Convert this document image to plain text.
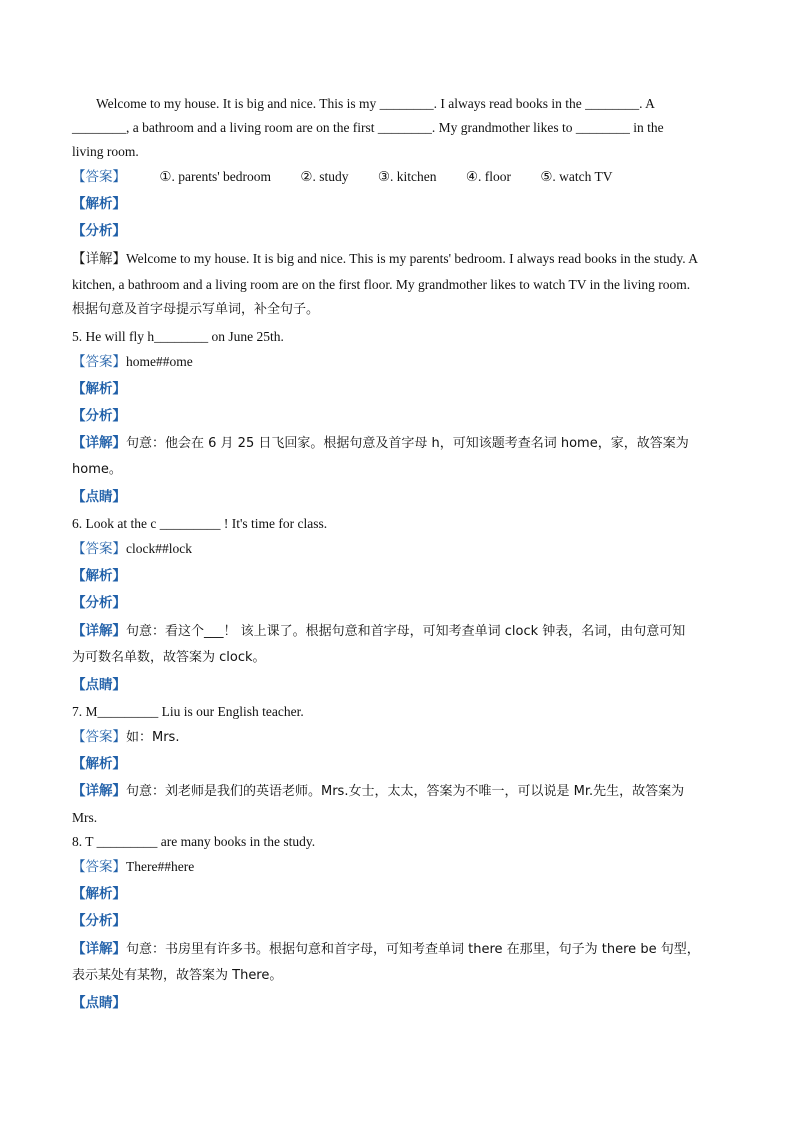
Welcome to my house. It is big and nice. This is my ________. I always read books in the ________. A
________, a bathroom and a living room are on the first ________. My grandmother likes to ________ in the
living room.
【答案】 ①. parents' bedroom ②. study ③. kitchen ④. floor ⑤. watch TV
【解析】
【分析】
【详解】Welcome to my house. It is big and nice. This is my parents' bedroom. I always read books in the study. A
kitchen, a bathroom and a living room are on the first floor. My grandmother likes to watch TV in the living room.
根据句意及首字母提示写单词，补全句子。
5. He will fly h________ on June 25th.
【答案】home##ome
【解析】
【分析】
【详解】句意：他会在 6 月 25 日飞回家。根据句意及首字母 h，可知该题考查名词 home，家，故答案为
home。
【点睛】
6. Look at the c _________ ! It's time for class.
【答案】clock##lock
【解析】
【分析】
【详解】句意：看这个___！ 该上课了。根据句意和首字母，可知考查单词 clock 钟表，名词，由句意可知
为可数名单数，故答案为 clock。
【点睛】
7. M_________ Liu is our English teacher.
【答案】如：Mrs.
【解析】
【详解】句意：刘老师是我们的英语老师。Mrs.女士，太太，答案为不唯一，可以说是 Mr.先生，故答案为
Mrs.
8. T _________ are many books in the study.
【答案】There##here
【解析】
【分析】
【详解】句意：书房里有许多书。根据句意和首字母，可知考查单词 there 在那里，句子为 there be 句型，
表示某处有某物，故答案为 There。
【点睛】
